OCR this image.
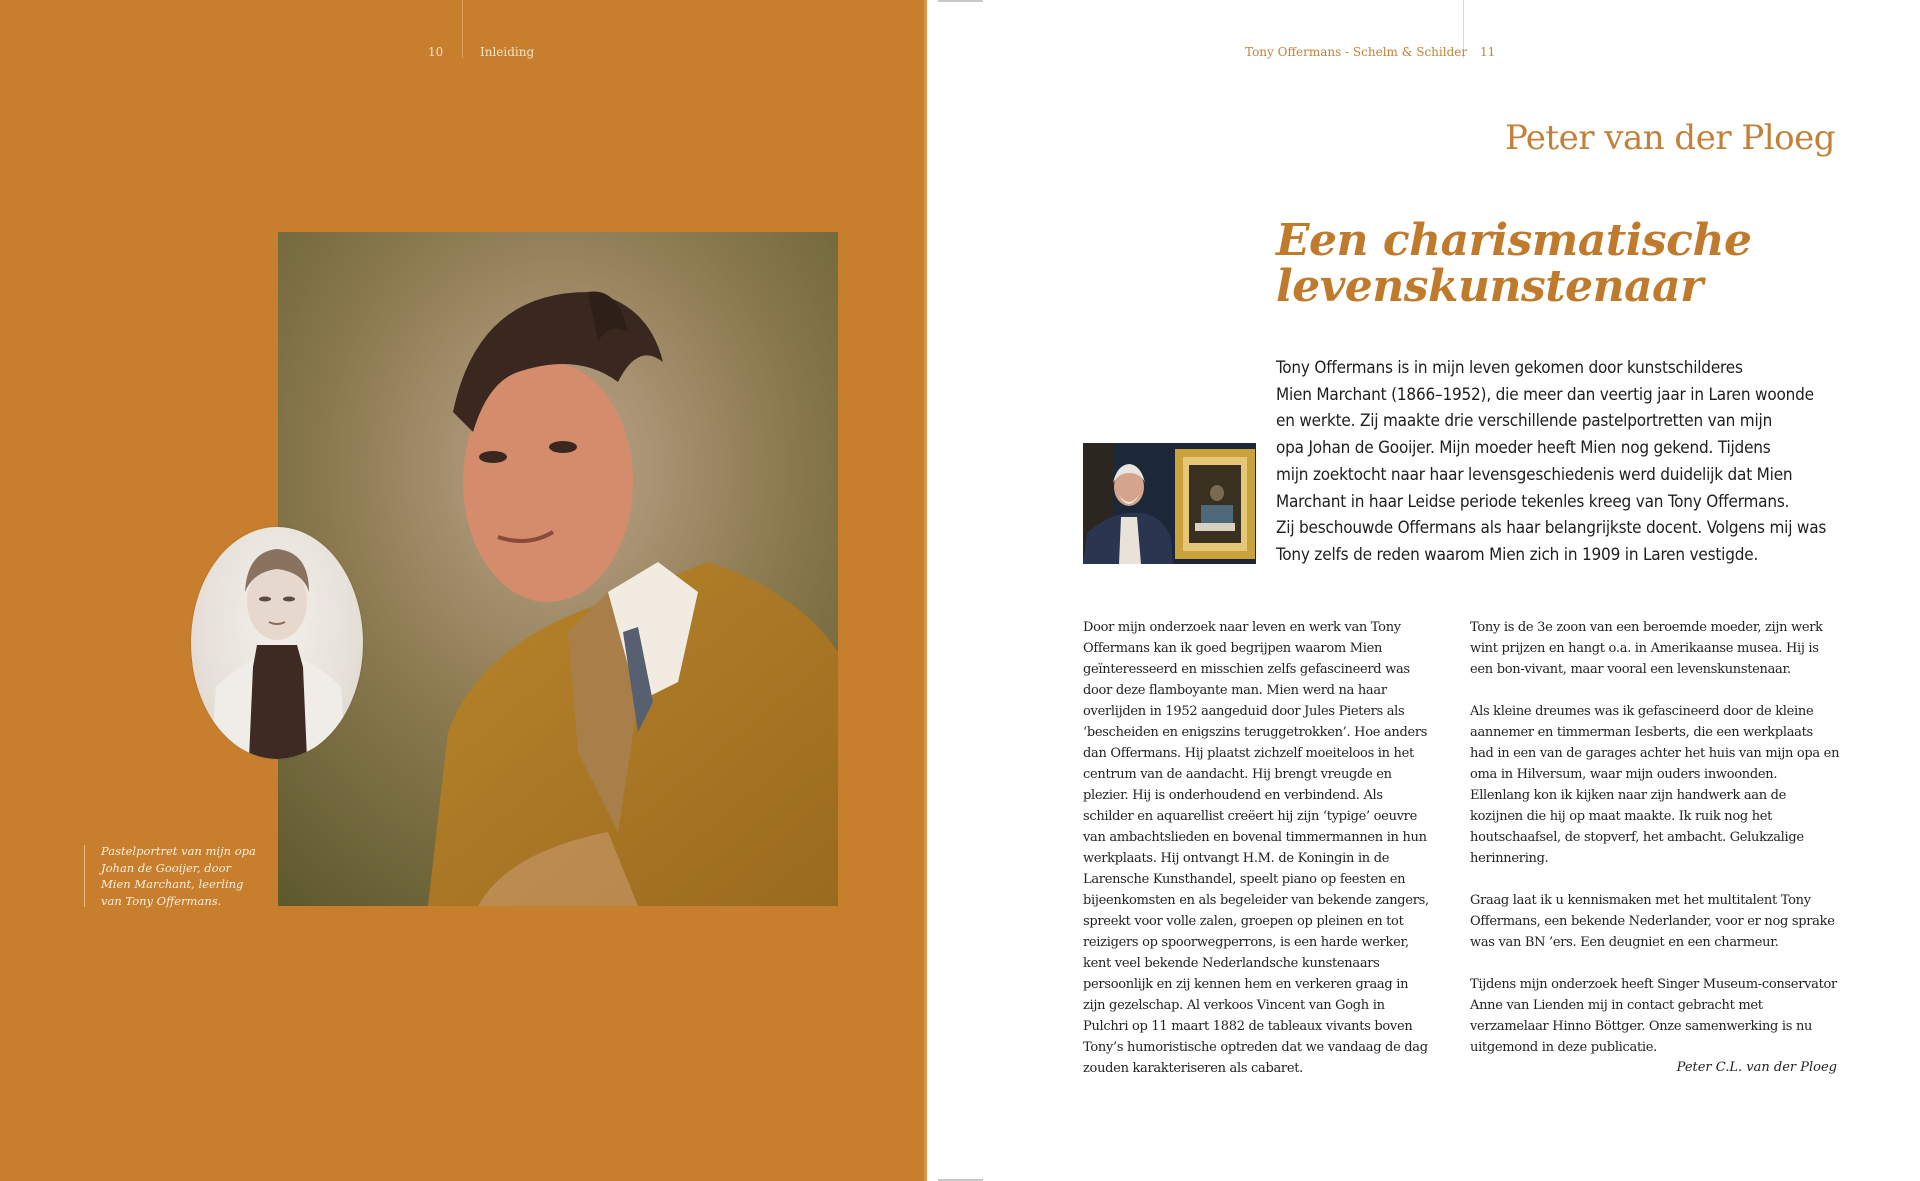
10	Inleiding
Pastelportret van mijn opa Johan de Gooijer, door Mien Marchant, leerling van Tony Offermans.
Tony Offermans - Schelm & Schilder 11
Peter van der Ploeg
Een charismatische
levenskunstenaar

Tony Offermans is in mijn leven gekomen door kunstschilderes

Mien Marchant (1866–1952), die meer dan veertig jaar in Laren woonde

en werkte. Zij maakte drie verschillende pastelportretten van mijn

opa Johan de Gooijer. Mijn moeder heeft Mien nog gekend. Tijdens

mijn zoektocht naar haar levensgeschiedenis werd duidelijk dat Mien

Marchant in haar Leidse periode tekenles kreeg van Tony Offermans.

Zij beschouwde Offermans als haar belangrijkste docent. Volgens mij was

Tony zelfs de reden waarom Mien zich in 1909 in Laren vestigde.

Door mijn onderzoek naar leven en werk van Tony Offermans kan ik goed begrijpen waarom Mien geïnteresseerd en misschien zelfs gefascineerd was door deze flamboyante man. Mien werd na haar overlijden in 1952 aangeduid door Jules Pieters als ‘bescheiden en enigszins teruggetrokken’. Hoe anders dan Offermans. Hij plaatst zichzelf moeiteloos in het centrum van de aandacht. Hij brengt vreugde en plezier. Hij is onderhoudend en verbindend. Als schilder en aquarellist creëert hij zijn ‘typige’ oeuvre van ambachtslieden en bovenal timmermannen in hun werkplaats. Hij ontvangt H.M. de Koningin in de Larensche Kunsthandel, speelt piano op feesten en bijeenkomsten en als begeleider van bekende zangers, spreekt voor volle zalen, groepen op pleinen en tot reizigers op spoorwegperrons, is een harde werker, kent veel bekende Nederlandsche kunstenaars persoonlijk en zij kennen hem en verkeren graag in zijn gezelschap. Al verkoos Vincent van Gogh in Pulchri op 11 maart 1882 de tableaux vivants boven Tony’s humoristische optreden dat we vandaag de dag zouden karakteriseren als cabaret.

Tony is de 3e zoon van een beroemde moeder, zijn werk wint prijzen en hangt o.a. in Amerikaanse musea. Hij is een bon-vivant, maar vooral een levenskunstenaar.

Als kleine dreumes was ik gefascineerd door de kleine aannemer en timmerman Iesberts, die een werkplaats had in een van de garages achter het huis van mijn opa en oma in Hilversum, waar mijn ouders inwoonden. Ellenlang kon ik kijken naar zijn handwerk aan de kozijnen die hij op maat maakte. Ik ruik nog het houtschaafsel, de stopverf, het ambacht. Gelukzalige herinnering.

Graag laat ik u kennismaken met het multitalent Tony Offermans, een bekende Nederlander, voor er nog sprake was van BN ’ers. Een deugniet en een charmeur.

Tijdens mijn onderzoek heeft Singer Museum-conservator Anne van Lienden mij in contact gebracht met verzamelaar Hinno Böttger. Onze samenwerking is nu uitgemond in deze publicatie.

Peter C.L. van der Ploeg
